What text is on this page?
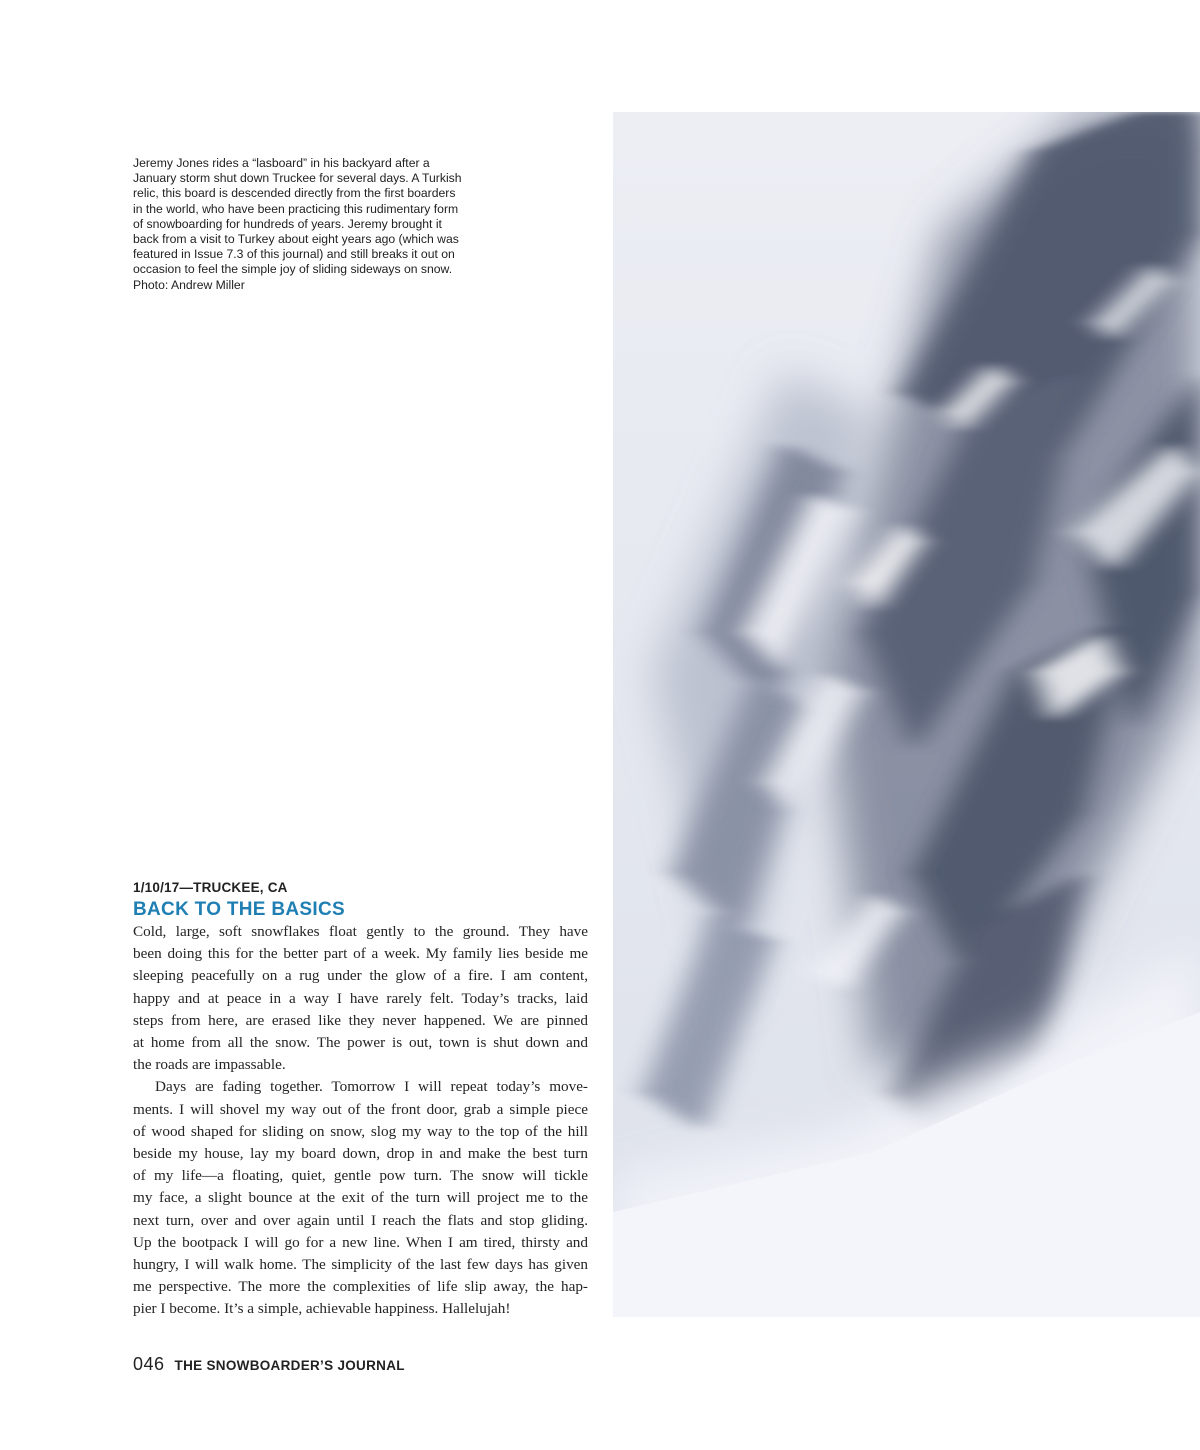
Jeremy Jones rides a “lasboard” in his backyard after a
January storm shut down Truckee for several days. A Turkish
relic, this board is descended directly from the first boarders
in the world, who have been practicing this rudimentary form
of snowboarding for hundreds of years. Jeremy brought it
back from a visit to Turkey about eight years ago (which was
featured in Issue 7.3 of this journal) and still breaks it out on
occasion to feel the simple joy of sliding sideways on snow.
Photo: Andrew Miller

1/10/17—TRUCKEE, CA

BACK TO THE BASICS
Cold, large, soft snowflakes float gently to the ground. They have
been doing this for the better part of a week. My family lies beside me
sleeping peacefully on a rug under the glow of a fire. I am content,
happy and at peace in a way I have rarely felt. Today’s tracks, laid
steps from here, are erased like they never happened. We are pinned
at home from all the snow. The power is out, town is shut down and
the roads are impassable.
Days are fading together. Tomorrow I will repeat today’s move-
ments. I will shovel my way out of the front door, grab a simple piece
of wood shaped for sliding on snow, slog my way to the top of the hill
beside my house, lay my board down, drop in and make the best turn
of my life—a floating, quiet, gentle pow turn. The snow will tickle
my face, a slight bounce at the exit of the turn will project me to the
next turn, over and over again until I reach the flats and stop gliding.
Up the bootpack I will go for a new line. When I am tired, thirsty and
hungry, I will walk home. The simplicity of the last few days has given
me perspective. The more the complexities of life slip away, the hap-
pier I become. It’s a simple, achievable happiness. Hallelujah!
046 THE SNOWBOARDER’S JOURNAL
